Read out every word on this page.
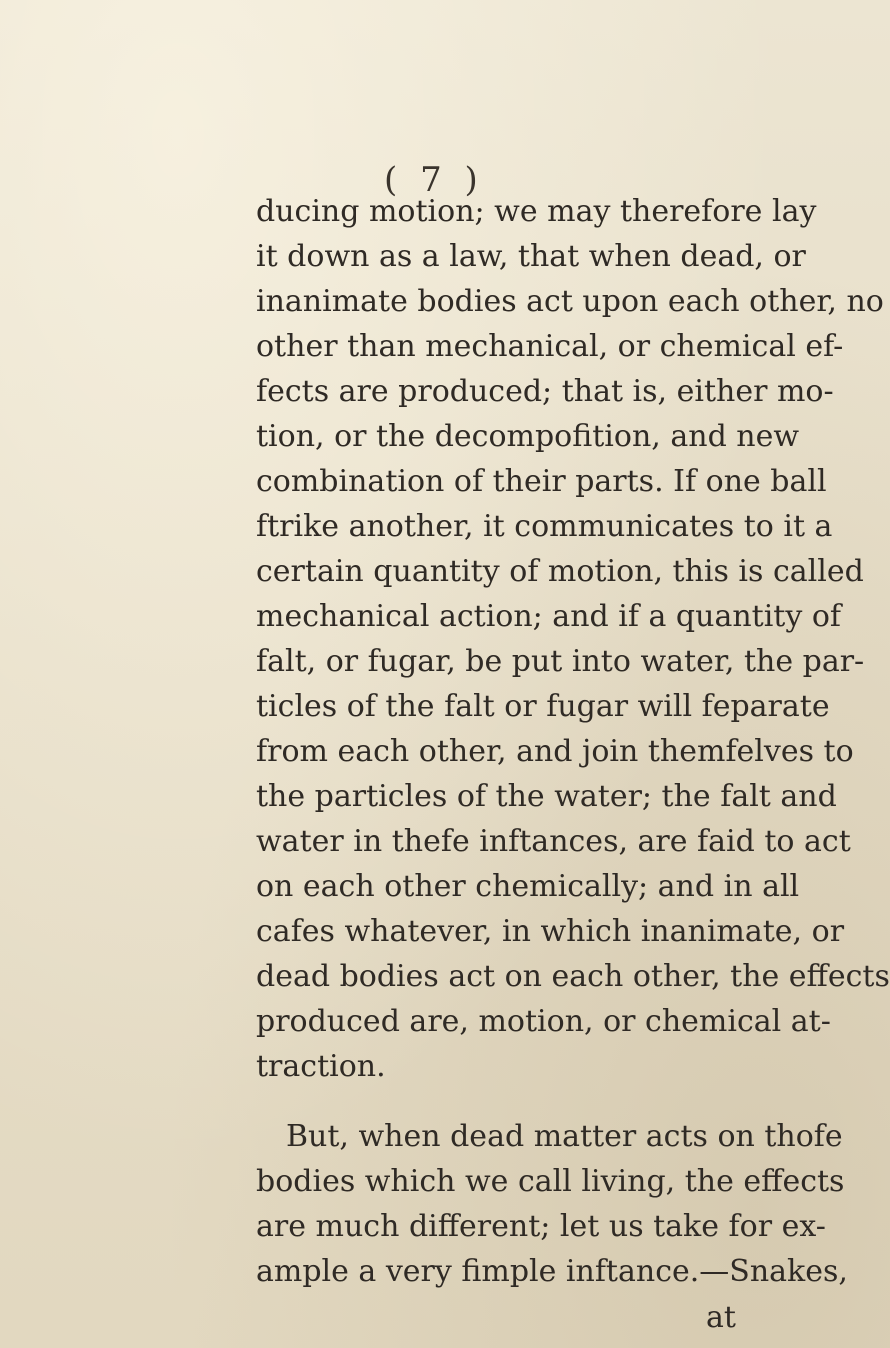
( 7 )
ducing motion; we may therefore lay
it down as a law, that when dead, or
inanimate bodies act upon each other, no
other than mechanical, or chemical ef-
fects are produced; that is, either mo-
tion, or the decompofition, and new
combination of their parts. If one ball
ftrike another, it communicates to it a
certain quantity of motion, this is called
mechanical action; and if a quantity of
falt, or fugar, be put into water, the par-
ticles of the falt or fugar will feparate
from each other, and join themfelves to
the particles of the water; the falt and
water in thefe inftances, are faid to act
on each other chemically; and in all
cafes whatever, in which inanimate, or
dead bodies act on each other, the effects
produced are, motion, or chemical at-
traction.
But, when dead matter acts on thofe
bodies which we call living, the effects
are much different; let us take for ex-
ample a very fimple inftance.—Snakes,
at
